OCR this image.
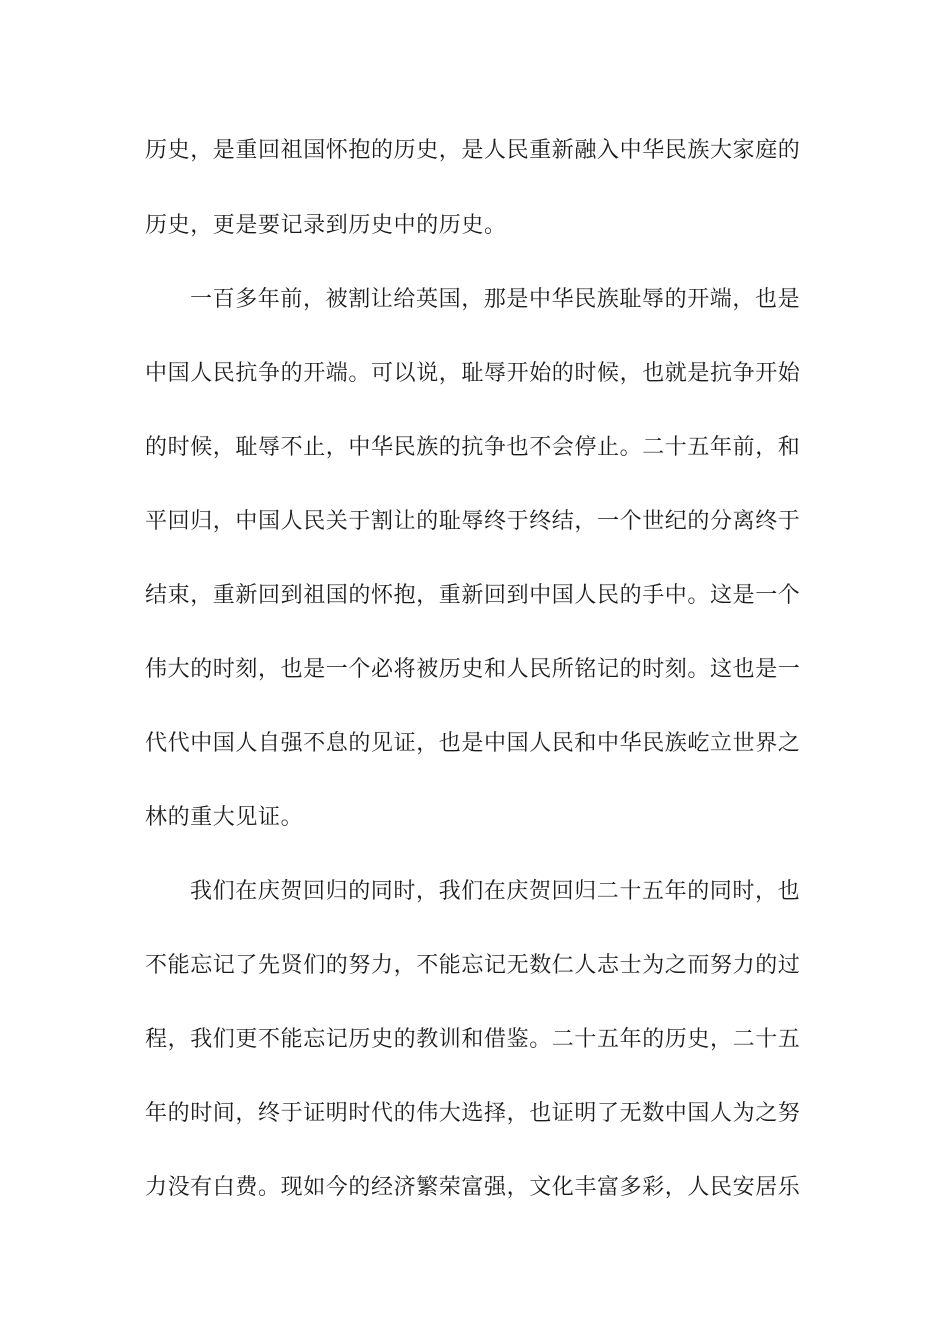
历史，是重回祖国怀抱的历史，是人民重新融入中华民族大家庭的
历史，更是要记录到历史中的历史。
一百多年前，被割让给英国，那是中华民族耻辱的开端，也是
中国人民抗争的开端。可以说，耻辱开始的时候，也就是抗争开始
的时候，耻辱不止，中华民族的抗争也不会停止。二十五年前，和
平回归，中国人民关于割让的耻辱终于终结，一个世纪的分离终于
结束，重新回到祖国的怀抱，重新回到中国人民的手中。这是一个
伟大的时刻，也是一个必将被历史和人民所铭记的时刻。这也是一
代代中国人自强不息的见证，也是中国人民和中华民族屹立世界之
林的重大见证。
我们在庆贺回归的同时，我们在庆贺回归二十五年的同时，也
不能忘记了先贤们的努力，不能忘记无数仁人志士为之而努力的过
程，我们更不能忘记历史的教训和借鉴。二十五年的历史，二十五
年的时间，终于证明时代的伟大选择，也证明了无数中国人为之努
力没有白费。现如今的经济繁荣富强，文化丰富多彩，人民安居乐
